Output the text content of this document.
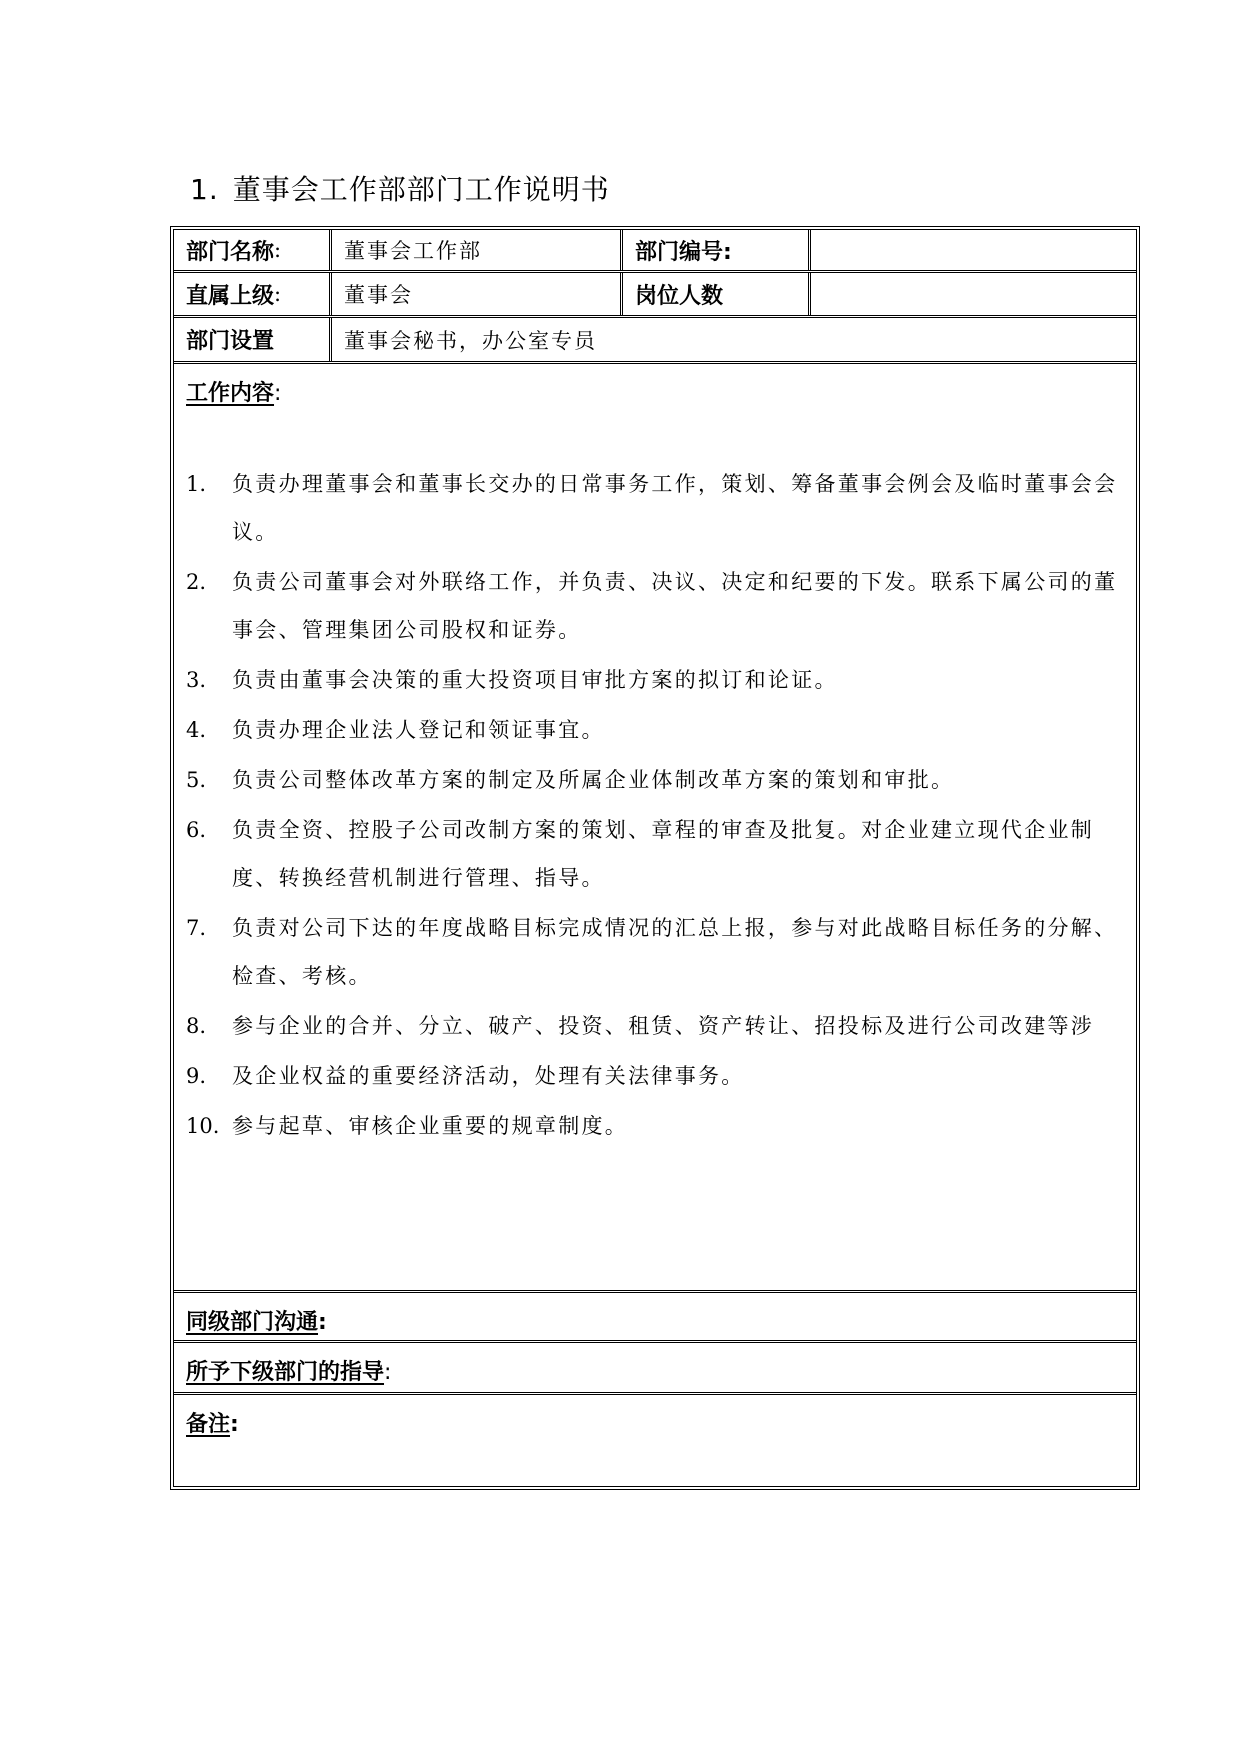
1. 董事会工作部部门工作说明书
部门名称 :	董事会工作部	部门编号:
直属上级 :	董事会	岗位人数
部门设置	董事会秘书，办公室专员
工作内容:
1. 负责办理董事会和董事长交办的日常事务工作，策划、筹备董事会例会及临时董事会会议。
2. 负责公司董事会对外联络工作，并负责、决议、决定和纪要的下发。联系下属公司的董事会、管理集团公司股权和证券。
3. 负责由董事会决策的重大投资项目审批方案的拟订和论证。
4. 负责办理企业法人登记和领证事宜。
5. 负责公司整体改革方案的制定及所属企业体制改革方案的策划和审批。
6. 负责全资、控股子公司改制方案的策划、章程的审查及批复。对企业建立现代企业制度、转换经营机制进行管理、指导。
7. 负责对公司下达的年度战略目标完成情况的汇总上报，参与对此战略目标任务的分解、检查、考核。
8. 参与企业的合并、分立、破产、投资、租赁、资产转让、招投标及进行公司改建等涉
9. 及企业权益的重要经济活动，处理有关法律事务。
10. 参与起草、审核企业重要的规章制度。
同级部门沟通:
所予下级部门的指导:
备注:
